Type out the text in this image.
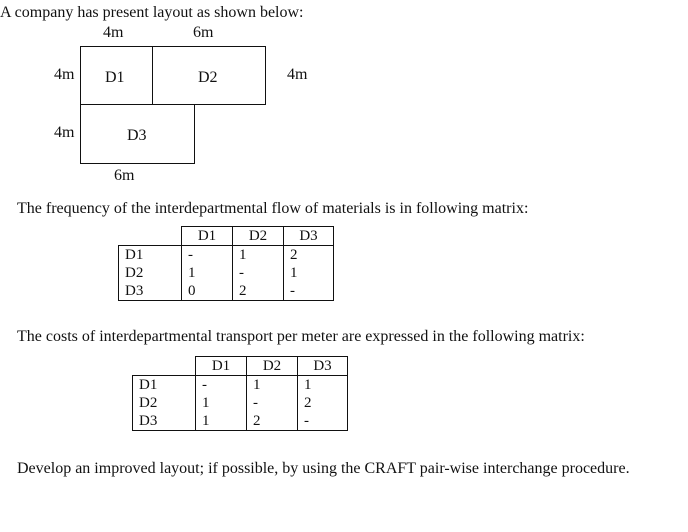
A company has present layout as shown below:
4m	6m
4m
4m
4m
6m
D1	D2
D3
The frequency of the interdepartmental flow of materials is in following matrix:
	D1	D2	D3
D1	-	1	2
D2	1	-	1
D3	0	2	-
The costs of interdepartmental transport per meter are expressed in the following matrix:
	D1	D2	D3
D1	-	1	1
D2	1	-	2
D3	1	2	-
Develop an improved layout; if possible, by using the CRAFT pair-wise interchange procedure.
